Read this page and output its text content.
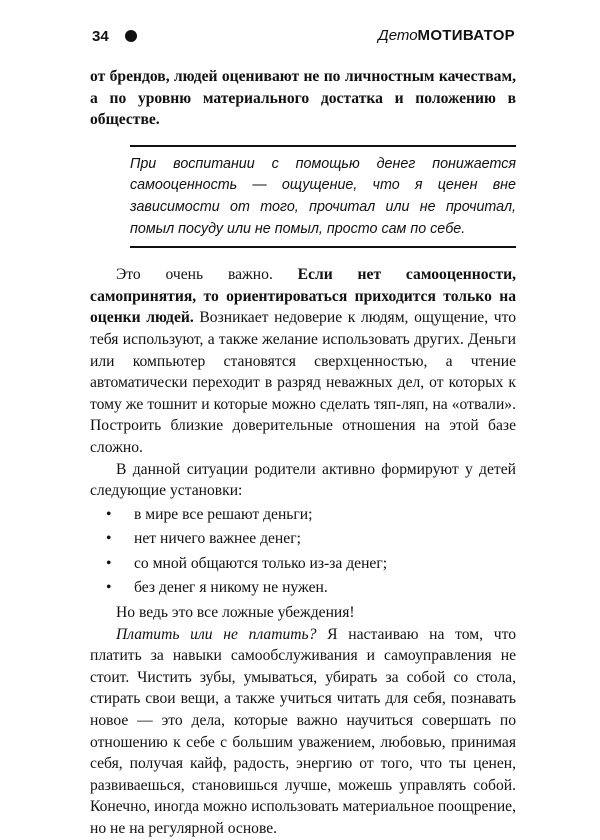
34	ДетоМОТИВАТОР

от брендов, людей оценивают не по личностным качествам, а по уровню материального достатка и положению в обществе.

При воспитании с помощью денег понижается самооценность — ощущение, что я ценен вне зависимости от того, прочитал или не прочитал, помыл посуду или не помыл, просто сам по себе.

Это очень важно. Если нет самооценности, самопринятия, то ориентироваться приходится только на оценки людей. Возникает недоверие к людям, ощущение, что тебя используют, а также желание использовать других. Деньги или компьютер становятся сверхценностью, а чтение автоматически переходит в разряд неважных дел, от которых к тому же тошнит и которые можно сделать тяп-ляп, на «отвали». Построить близкие доверительные отношения на этой базе сложно.

В данной ситуации родители активно формируют у детей следующие установки:

• в мире все решают деньги;
• нет ничего важнее денег;
• со мной общаются только из-за денег;
• без денег я никому не нужен.

Но ведь это все ложные убеждения!

Платить или не платить? Я настаиваю на том, что платить за навыки самообслуживания и самоуправления не стоит. Чистить зубы, умываться, убирать за собой со стола, стирать свои вещи, а также учиться читать для себя, познавать новое — это дела, которые важно научиться совершать по отношению к себе с большим уважением, любовью, принимая себя, получая кайф, радость, энергию от того, что ты ценен, развиваешься, становишься лучше, можешь управлять собой. Конечно, иногда можно использовать материальное поощрение, но не на регулярной основе.
